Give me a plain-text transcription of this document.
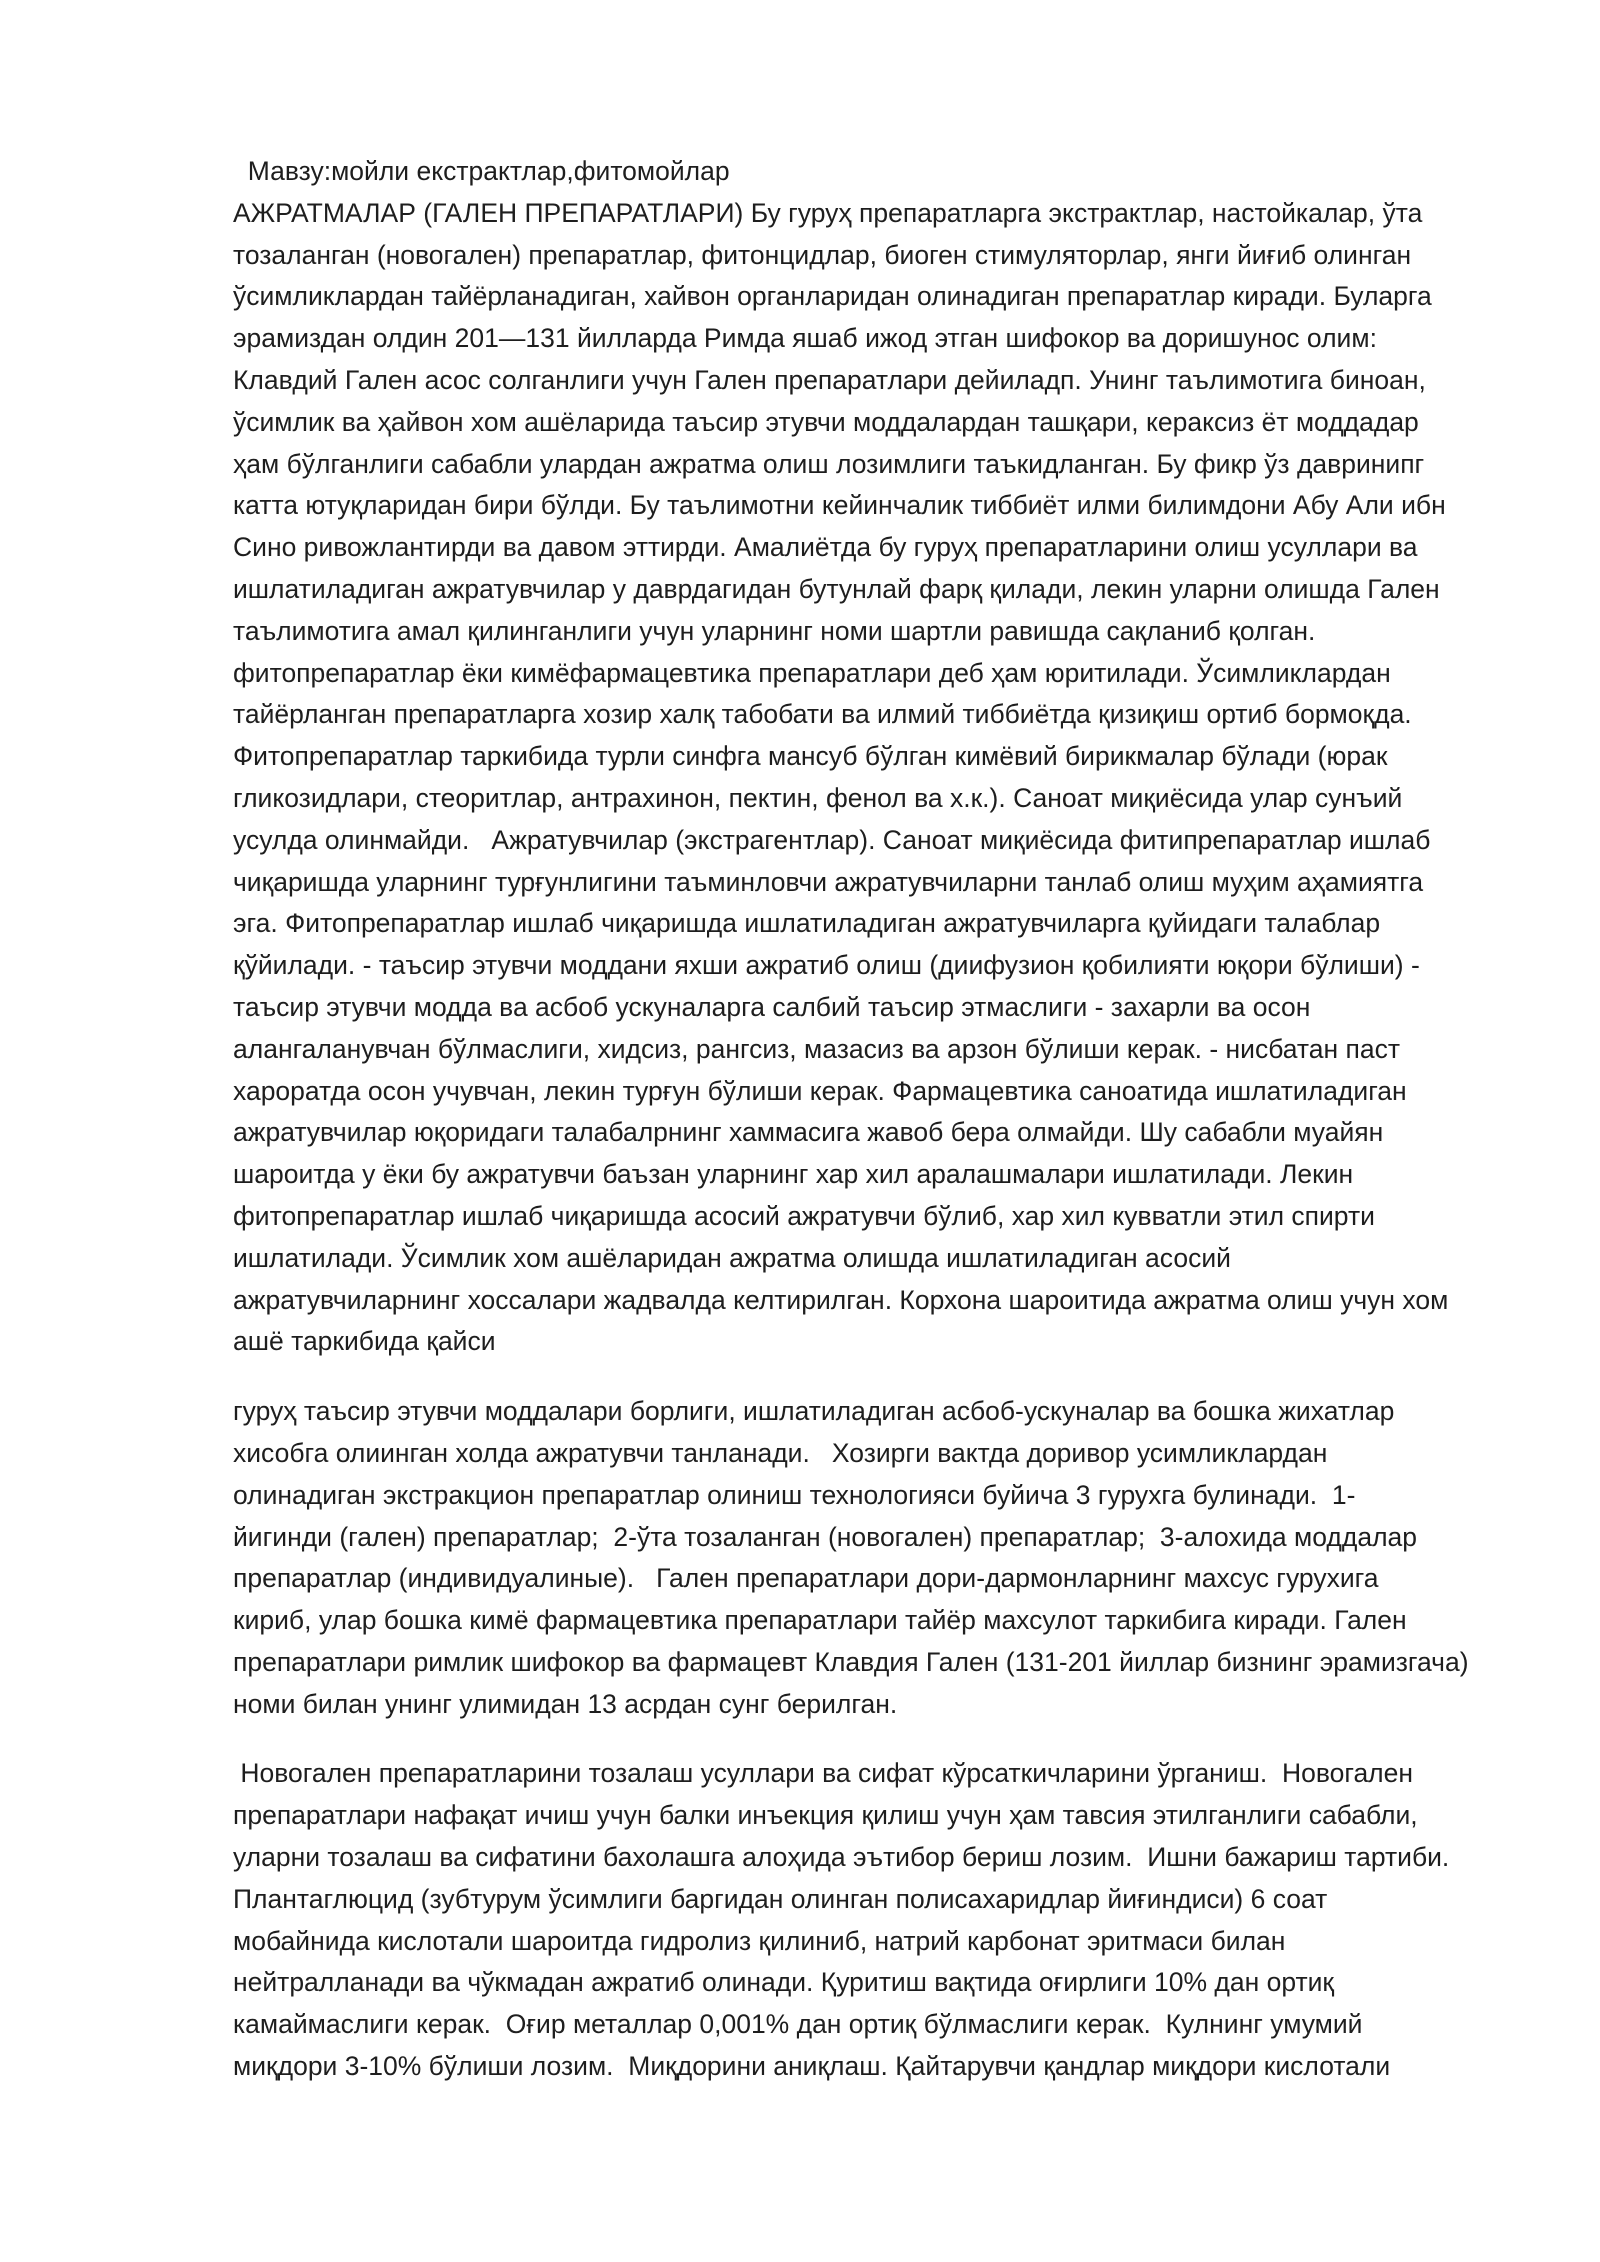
Мавзу:мойли екстрактлар,фитомойлар
АЖРАТМАЛАР (ГАЛЕН ПРЕПАРАТЛАРИ) Бу гуруҳ препаратларга экстрактлар, настойкалар, ўта
тозаланган (новогален) препаратлар, фитонцидлар, биоген стимуляторлар, янги йиғиб олинган
ўсимликлардан тайёрланадиган, хайвон органларидан олинадиган препаратлар киради. Буларга
эрамиздан олдин 201—131 йилларда Римда яшаб ижод этган шифокор ва доришунос олим:
Клавдий Гален асос солганлиги учун Гален препаратлари дейиладп. Унинг таълимотига биноан,
ўсимлик ва ҳайвон хом ашёларида таъсир этувчи моддалардан ташқари, кераксиз ёт моддадар
ҳам бўлганлиги сабабли улардан ажратма олиш лозимлиги таъкидланган. Бу фикр ўз давринипг
катта ютуқларидан бири бўлди. Бу таълимотни кейинчалик тиббиёт илми билимдони Абу Али ибн
Сино ривожлантирди ва давом эттирди. Амалиётда бу гуруҳ препаратларини олиш усуллари ва
ишлатиладиган ажратувчилар у даврдагидан бутунлай фарқ қилади, лекин уларни олишда Гален
таълимотига амал қилинганлиги учун уларнинг номи шартли равишда сақланиб қолган.
фитопрепаратлар ёки кимёфармацевтика препаратлари деб ҳам юритилади. Ўсимликлардан
тайёрланган препаратларга хозир халқ табобати ва илмий тиббиётда қизиқиш ортиб бормоқда.
Фитопрепаратлар таркибида турли синфга мансуб бўлган кимёвий бирикмалар бўлади (юрак
гликозидлари, стеоритлар, антрахинон, пектин, фенол ва х.к.). Саноат миқиёсида улар сунъий
усулда олинмайди.   Ажратувчилар (экстрагентлар). Саноат миқиёсида фитипрепаратлар ишлаб
чиқаришда уларнинг турғунлигини таъминловчи ажратувчиларни танлаб олиш муҳим аҳамиятга
эга. Фитопрепаратлар ишлаб чиқаришда ишлатиладиган ажратувчиларга қуйидаги талаблар
қўйилади. - таъсир этувчи моддани яхши ажратиб олиш (диифузион қобилияти юқори бўлиши) -
таъсир этувчи модда ва асбоб ускуналарга салбий таъсир этмаслиги - захарли ва осон
алангаланувчан бўлмаслиги, хидсиз, рангсиз, мазасиз ва арзон бўлиши керак. - нисбатан паст
хароратда осон учувчан, лекин турғун бўлиши керак. Фармацевтика саноатида ишлатиладиган
ажратувчилар юқоридаги талабалрнинг хаммасига жавоб бера олмайди. Шу сабабли муайян
шароитда у ёки бу ажратувчи баъзан уларнинг хар хил аралашмалари ишлатилади. Лекин
фитопрепаратлар ишлаб чиқаришда асосий ажратувчи бўлиб, хар хил кувватли этил спирти
ишлатилади. Ўсимлик хом ашёларидан ажратма олишда ишлатиладиган асосий
ажратувчиларнинг хоссалари жадвалда келтирилган. Корхона шароитида ажратма олиш учун хом
ашё таркибида қайси
гуруҳ таъсир этувчи моддалари борлиги, ишлатиладиган асбоб-ускуналар ва бошка жихатлар
хисобга олиинган холда ажратувчи танланади.   Хозирги вактда доривор усимликлардан
олинадиган экстракцион препаратлар олиниш технологияси буйича 3 гурухга булинади.  1-
йигинди (гален) препаратлар;  2-ўта тозаланган (новогален) препаратлар;  3-алохида моддалар
препаратлар (индивидуалиные).   Гален препаратлари дори-дармонларнинг махсус гурухига
кириб, улар бошка кимё фармацевтика препаратлари тайёр махсулот таркибига киради. Гален
препаратлари римлик шифокор ва фармацевт Клавдия Гален (131-201 йиллар бизнинг эрамизгача)
номи билан унинг улимидан 13 асрдан сунг берилган.
Новогален препаратларини тозалаш усуллари ва сифат кўрсаткичларини ўрганиш.  Новогален
препаратлари нафақат ичиш учун балки инъекция қилиш учун ҳам тавсия этилганлиги сабабли,
уларни тозалаш ва сифатини бахолашга алоҳида эътибор бериш лозим.  Ишни бажариш тартиби.
Плантаглюцид (зубтурум ўсимлиги баргидан олинган полисахаридлар йиғиндиси) 6 соат
мобайнида кислотали шароитда гидролиз қилиниб, натрий карбонат эритмаси билан
нейтралланади ва чўкмадан ажратиб олинади. Қуритиш вақтида оғирлиги 10% дан ортиқ
камаймаслиги керак.  Оғир металлар 0,001% дан ортиқ бўлмаслиги керак.  Кулнинг умумий
миқдори 3-10% бўлиши лозим.  Миқдорини аниқлаш. Қайтарувчи қандлар миқдори кислотали
